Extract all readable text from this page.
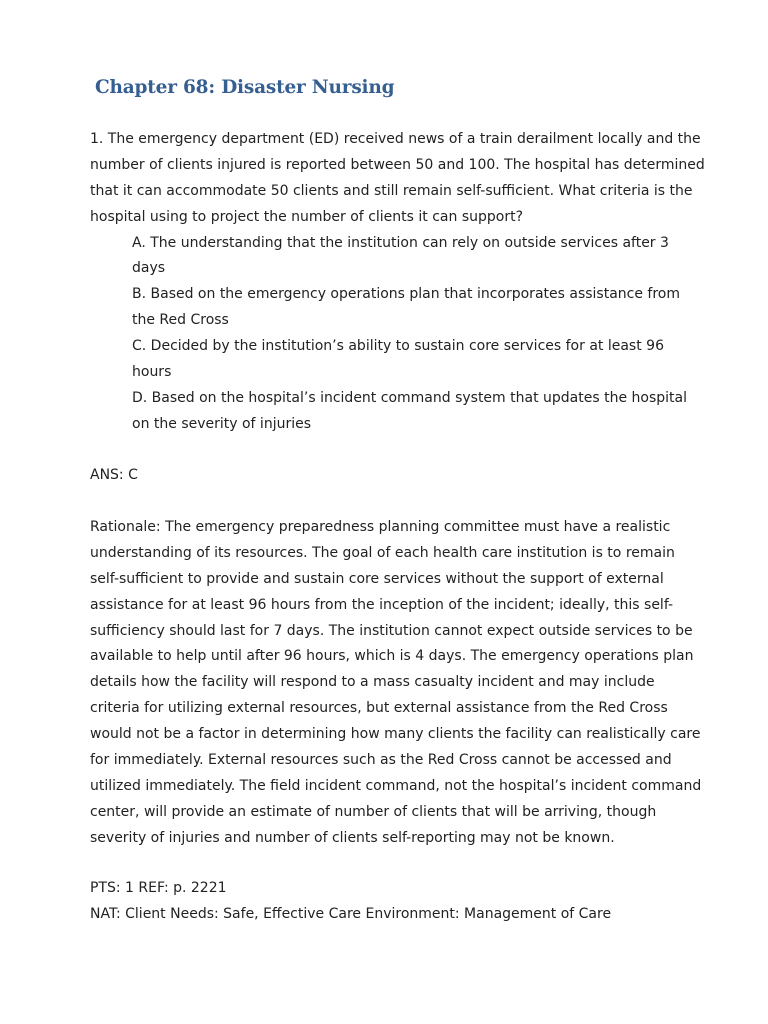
Chapter 68: Disaster Nursing
1. The emergency department (ED) received news of a train derailment locally and the
number of clients injured is reported between 50 and 100. The hospital has determined
that it can accommodate 50 clients and still remain self-sufficient. What criteria is the
hospital using to project the number of clients it can support?
A. The understanding that the institution can rely on outside services after 3
days
B. Based on the emergency operations plan that incorporates assistance from
the Red Cross
C. Decided by the institution’s ability to sustain core services for at least 96
hours
D. Based on the hospital’s incident command system that updates the hospital
on the severity of injuries
ANS: C
Rationale: The emergency preparedness planning committee must have a realistic
understanding of its resources. The goal of each health care institution is to remain
self-sufficient to provide and sustain core services without the support of external
assistance for at least 96 hours from the inception of the incident; ideally, this self-
sufficiency should last for 7 days. The institution cannot expect outside services to be
available to help until after 96 hours, which is 4 days. The emergency operations plan
details how the facility will respond to a mass casualty incident and may include
criteria for utilizing external resources, but external assistance from the Red Cross
would not be a factor in determining how many clients the facility can realistically care
for immediately. External resources such as the Red Cross cannot be accessed and
utilized immediately. The field incident command, not the hospital’s incident command
center, will provide an estimate of number of clients that will be arriving, though
severity of injuries and number of clients self-reporting may not be known.
PTS: 1 REF: p. 2221
NAT: Client Needs: Safe, Effective Care Environment: Management of Care
